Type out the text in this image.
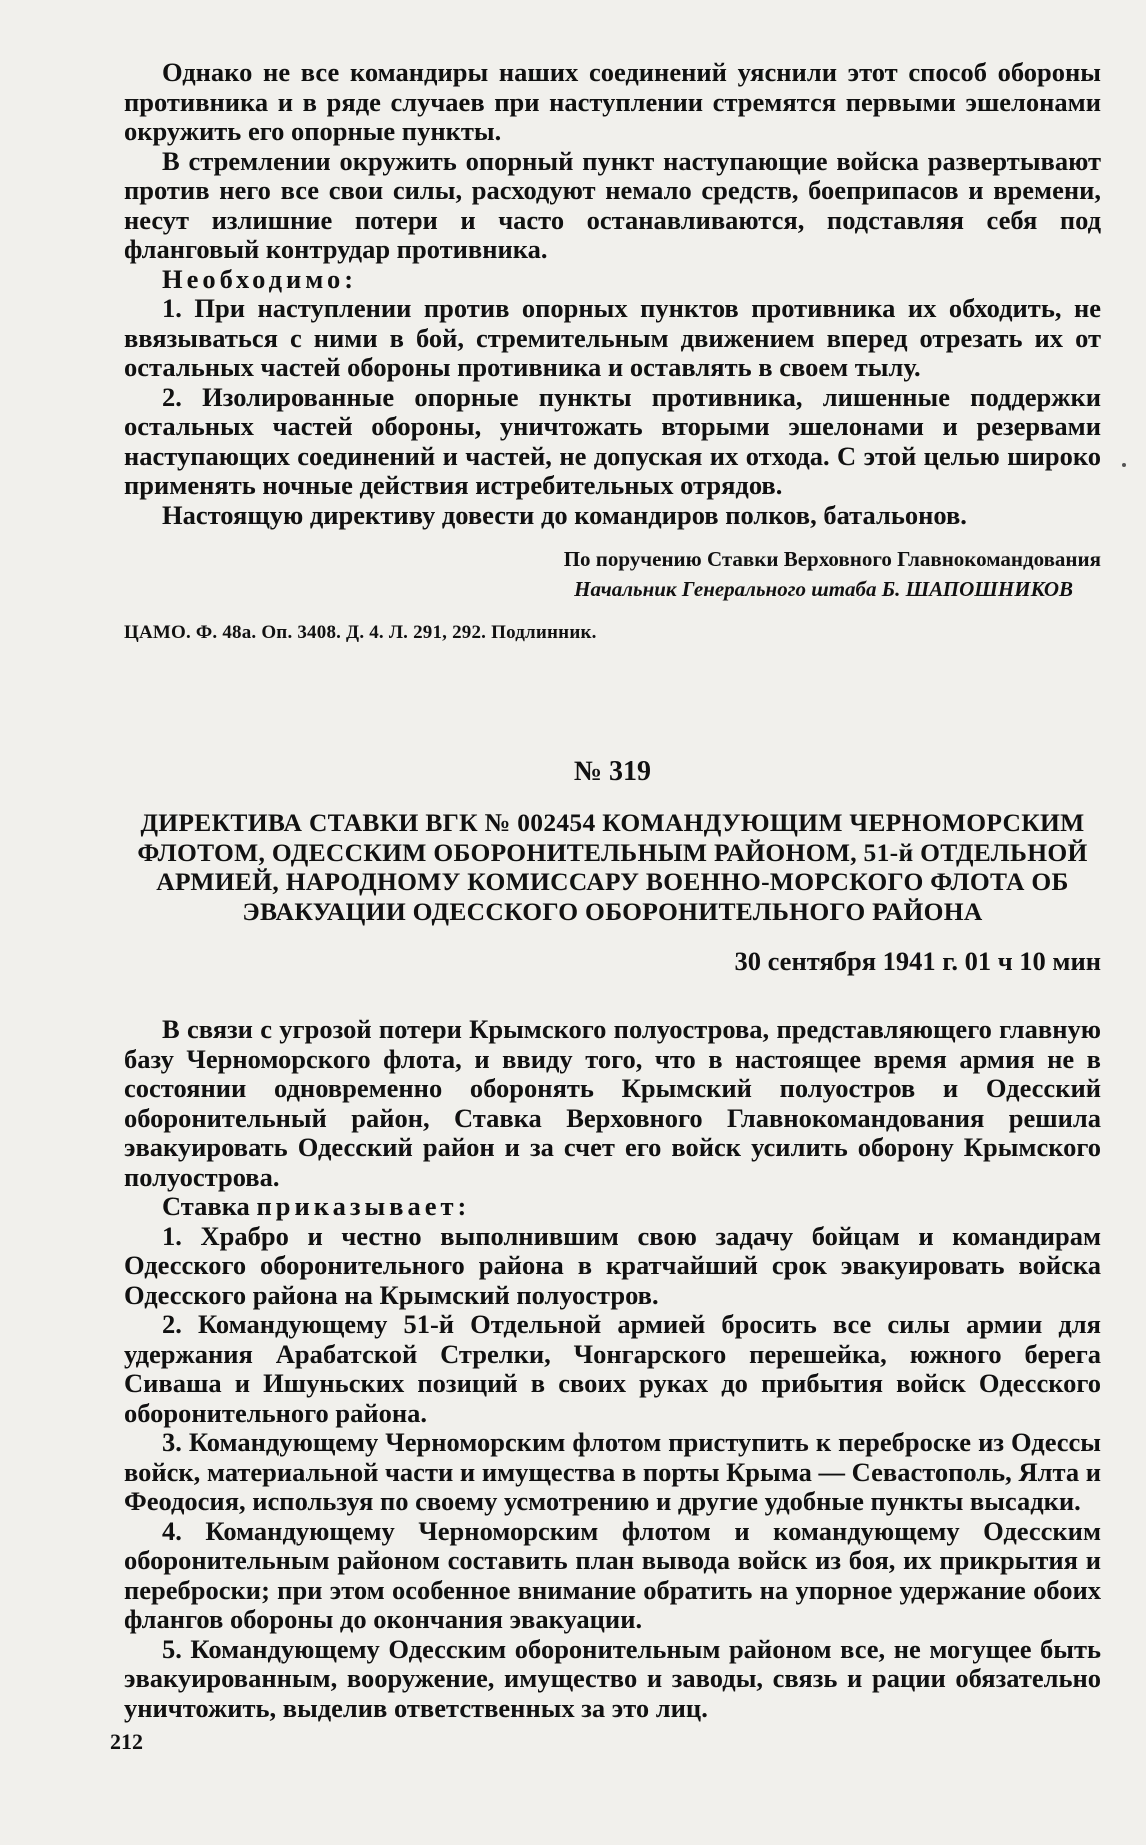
Однако не все командиры наших соединений уяснили этот способ обороны противника и в ряде случаев при наступлении стремятся первыми эшелонами окружить его опорные пункты.

В стремлении окружить опорный пункт наступающие войска развертывают против него все свои силы, расходуют немало средств, боеприпасов и времени, несут излишние потери и часто останавливаются, подставляя себя под фланговый контрудар противника.

Необходимо:

1. При наступлении против опорных пунктов противника их обходить, не ввязываться с ними в бой, стремительным движением вперед отрезать их от остальных частей обороны противника и оставлять в своем тылу.

2. Изолированные опорные пункты противника, лишенные поддержки остальных частей обороны, уничтожать вторыми эшелонами и резервами наступающих соединений и частей, не допуская их отхода. С этой целью широко применять ночные действия истребительных отрядов.

Настоящую директиву довести до командиров полков, батальонов.

По поручению Ставки Верховного Главнокомандования
Начальник Генерального штаба Б. ШАПОШНИКОВ
ЦАМО. Ф. 48а. Оп. 3408. Д. 4. Л. 291, 292. Подлинник.
№ 319
ДИРЕКТИВА СТАВКИ ВГК № 002454 КОМАНДУЮЩИМ ЧЕРНОМОРСКИМ ФЛОТОМ, ОДЕССКИМ ОБОРОНИТЕЛЬНЫМ РАЙОНОМ, 51-й ОТДЕЛЬНОЙ АРМИЕЙ, НАРОДНОМУ КОМИССАРУ ВОЕННО-МОРСКОГО ФЛОТА ОБ ЭВАКУАЦИИ ОДЕССКОГО ОБОРОНИТЕЛЬНОГО РАЙОНА
30 сентября 1941 г. 01 ч 10 мин

В связи с угрозой потери Крымского полуострова, представляющего главную базу Черноморского флота, и ввиду того, что в настоящее время армия не в состоянии одновременно оборонять Крымский полуостров и Одесский оборонительный район, Ставка Верховного Главнокомандования решила эвакуировать Одесский район и за счет его войск усилить оборону Крымского полуострова.

Ставка приказывает:

1. Храбро и честно выполнившим свою задачу бойцам и командирам Одесского оборонительного района в кратчайший срок эвакуировать войска Одесского района на Крымский полуостров.

2. Командующему 51-й Отдельной армией бросить все силы армии для удержания Арабатской Стрелки, Чонгарского перешейка, южного берега Сиваша и Ишуньских позиций в своих руках до прибытия войск Одесского оборонительного района.

3. Командующему Черноморским флотом приступить к переброске из Одессы войск, материальной части и имущества в порты Крыма — Севастополь, Ялта и Феодосия, используя по своему усмотрению и другие удобные пункты высадки.

4. Командующему Черноморским флотом и командующему Одесским оборонительным районом составить план вывода войск из боя, их прикрытия и переброски; при этом особенное внимание обратить на упорное удержание обоих флангов обороны до окончания эвакуации.

5. Командующему Одесским оборонительным районом все, не могущее быть эвакуированным, вооружение, имущество и заводы, связь и рации обязательно уничтожить, выделив ответственных за это лиц.

212
